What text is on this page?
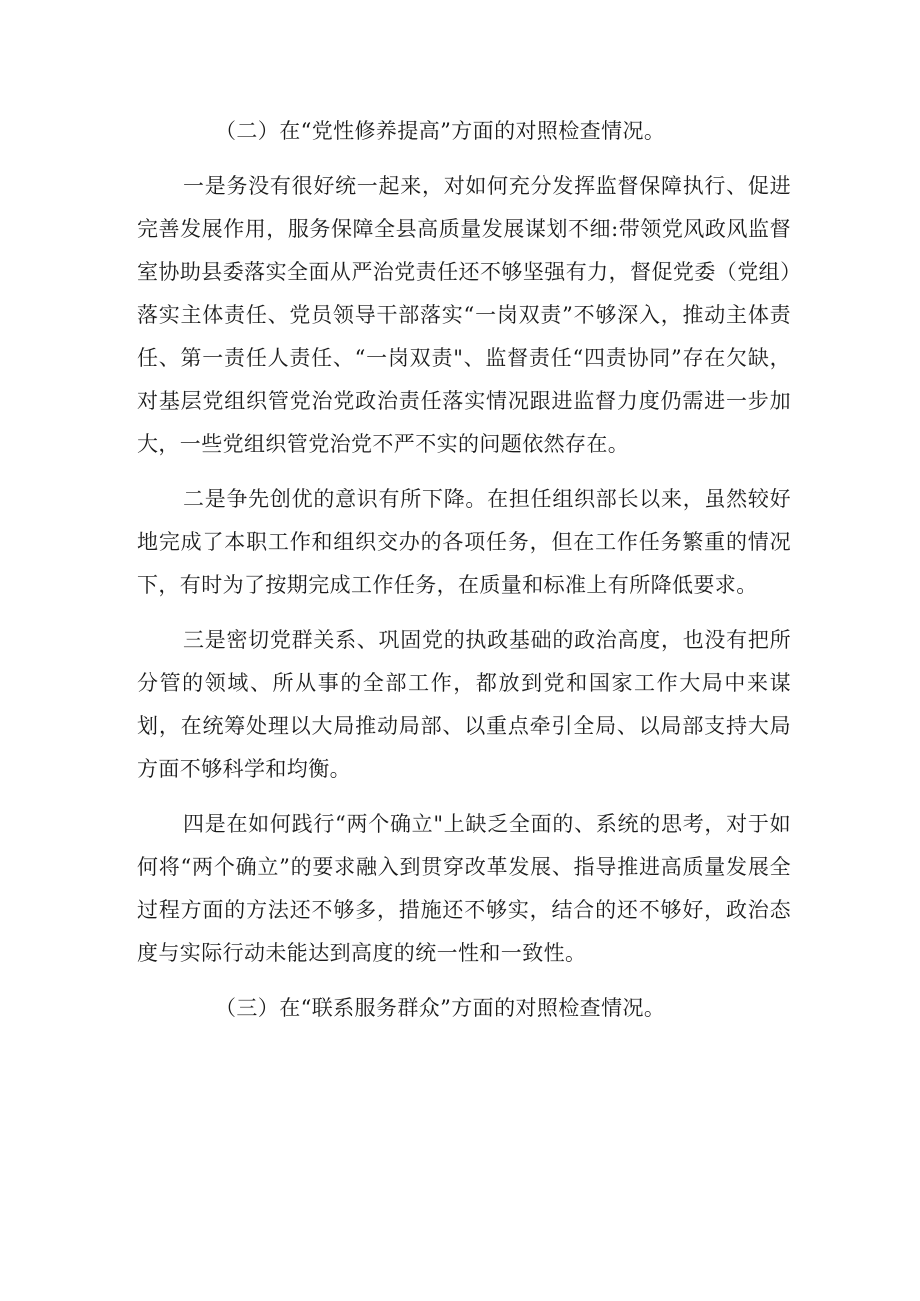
（二）在“党性修养提高”方面的对照检查情况。

一是务没有很好统一起来，对如何充分发挥监督保障执行、促进完善发展作用，服务保障全县高质量发展谋划不细:带领党风政风监督室协助县委落实全面从严治党责任还不够坚强有力，督促党委（党组）落实主体责任、党员领导干部落实“一岗双责”不够深入，推动主体责任、第一责任人责任、“一岗双责"、监督责任“四责协同”存在欠缺，对基层党组织管党治党政治责任落实情况跟进监督力度仍需进一步加大，一些党组织管党治党不严不实的问题依然存在。

二是争先创优的意识有所下降。在担任组织部长以来，虽然较好地完成了本职工作和组织交办的各项任务，但在工作任务繁重的情况下，有时为了按期完成工作任务，在质量和标准上有所降低要求。

三是密切党群关系、巩固党的执政基础的政治高度，也没有把所分管的领域、所从事的全部工作，都放到党和国家工作大局中来谋划，在统筹处理以大局推动局部、以重点牵引全局、以局部支持大局方面不够科学和均衡。

四是在如何践行“两个确立"上缺乏全面的、系统的思考，对于如何将“两个确立”的要求融入到贯穿改革发展、指导推进高质量发展全过程方面的方法还不够多，措施还不够实，结合的还不够好，政治态度与实际行动未能达到高度的统一性和一致性。

（三）在“联系服务群众”方面的对照检查情况。
